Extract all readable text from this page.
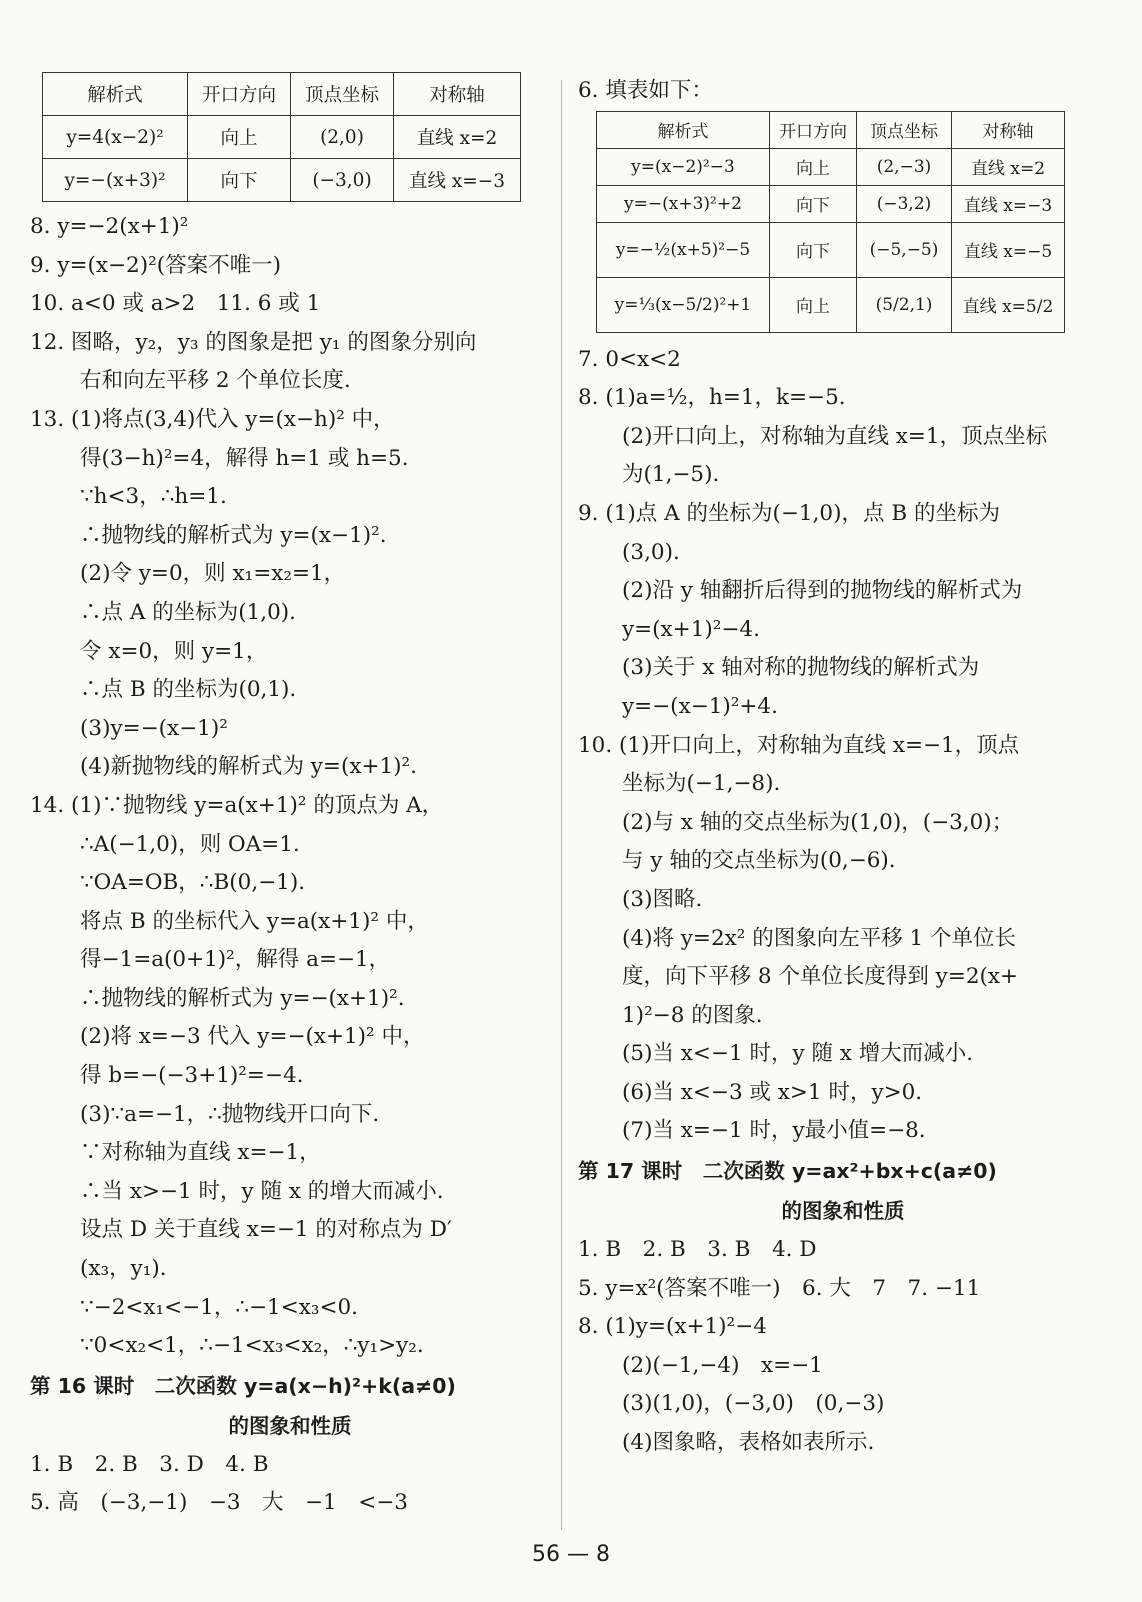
解析式	开口方向	顶点坐标	对称轴
y=4(x−2)²	向上	(2,0)	直线 x=2
y=−(x+3)²	向下	(−3,0)	直线 x=−3
8. y=−2(x+1)²
9. y=(x−2)²(答案不唯一)
10. a<0 或 a>2　11. 6 或 1
12. 图略，y₂，y₃ 的图象是把 y₁ 的图象分别向
右和向左平移 2 个单位长度.
13. (1)将点(3,4)代入 y=(x−h)² 中，
得(3−h)²=4，解得 h=1 或 h=5.
∵h<3，∴h=1.
∴抛物线的解析式为 y=(x−1)².
(2)令 y=0，则 x₁=x₂=1，
∴点 A 的坐标为(1,0).
令 x=0，则 y=1，
∴点 B 的坐标为(0,1).
(3)y=−(x−1)²
(4)新抛物线的解析式为 y=(x+1)².
14. (1)∵抛物线 y=a(x+1)² 的顶点为 A，
∴A(−1,0)，则 OA=1.
∵OA=OB，∴B(0,−1).
将点 B 的坐标代入 y=a(x+1)² 中，
得−1=a(0+1)²，解得 a=−1，
∴抛物线的解析式为 y=−(x+1)².
(2)将 x=−3 代入 y=−(x+1)² 中，
得 b=−(−3+1)²=−4.
(3)∵a=−1，∴抛物线开口向下.
∵对称轴为直线 x=−1，
∴当 x>−1 时，y 随 x 的增大而减小.
设点 D 关于直线 x=−1 的对称点为 D′
(x₃，y₁).
∵−2<x₁<−1，∴−1<x₃<0.
∵0<x₂<1，∴−1<x₃<x₂，∴y₁>y₂.
第 16 课时　二次函数 y=a(x−h)²+k(a≠0)
的图象和性质
1. B　2. B　3. D　4. B
5. 高　(−3,−1)　−3　大　−1　<−3
6. 填表如下：
解析式	开口方向	顶点坐标	对称轴
y=(x−2)²−3	向上	(2,−3)	直线 x=2
y=−(x+3)²+2	向下	(−3,2)	直线 x=−3
y=−½(x+5)²−5	向下	(−5,−5)	直线 x=−5
y=⅓(x−5/2)²+1	向上	(5/2,1)	直线 x=5/2
7. 0<x<2
8. (1)a=½，h=1，k=−5.
(2)开口向上，对称轴为直线 x=1，顶点坐标
为(1,−5).
9. (1)点 A 的坐标为(−1,0)，点 B 的坐标为
(3,0).
(2)沿 y 轴翻折后得到的抛物线的解析式为
y=(x+1)²−4.
(3)关于 x 轴对称的抛物线的解析式为
y=−(x−1)²+4.
10. (1)开口向上，对称轴为直线 x=−1，顶点
坐标为(−1,−8).
(2)与 x 轴的交点坐标为(1,0)，(−3,0)；
与 y 轴的交点坐标为(0,−6).
(3)图略.
(4)将 y=2x² 的图象向左平移 1 个单位长
度，向下平移 8 个单位长度得到 y=2(x+
1)²−8 的图象.
(5)当 x<−1 时，y 随 x 增大而减小.
(6)当 x<−3 或 x>1 时，y>0.
(7)当 x=−1 时，y最小值=−8.
第 17 课时　二次函数 y=ax²+bx+c(a≠0)
的图象和性质
1. B　2. B　3. B　4. D
5. y=x²(答案不唯一)　6. 大　7　7. −11
8. (1)y=(x+1)²−4
(2)(−1,−4)　x=−1
(3)(1,0)，(−3,0)　(0,−3)
(4)图象略，表格如表所示.
56 — 8
